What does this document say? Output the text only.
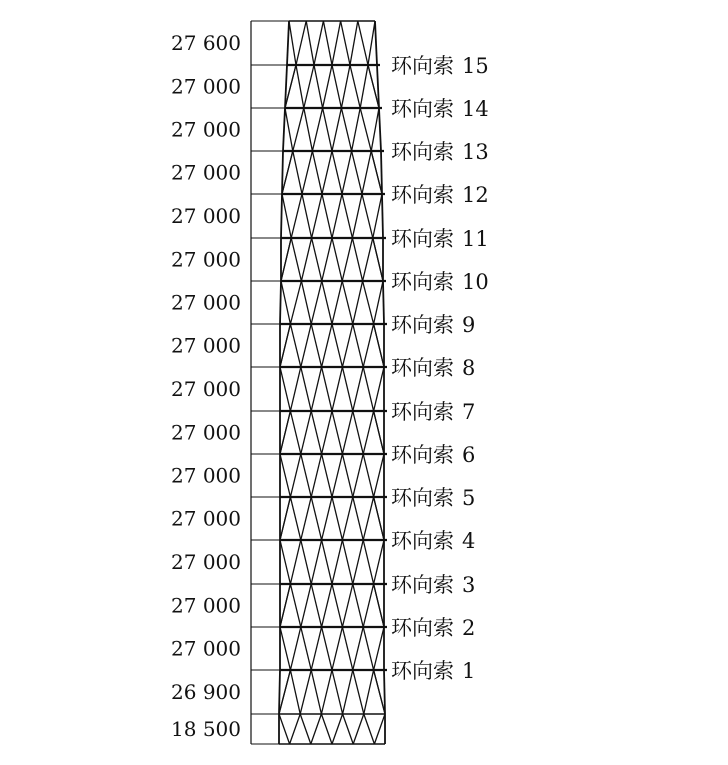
27 600
27 000
27 000
27 000
27 000
27 000
27 000
27 000
27 000
27 000
27 000
27 000
27 000
27 000
27 000
26 900
18 500
环向索 15
环向索 14
环向索 13
环向索 12
环向索 11
环向索 10
环向索 9
环向索 8
环向索 7
环向索 6
环向索 5
环向索 4
环向索 3
环向索 2
环向索 1
